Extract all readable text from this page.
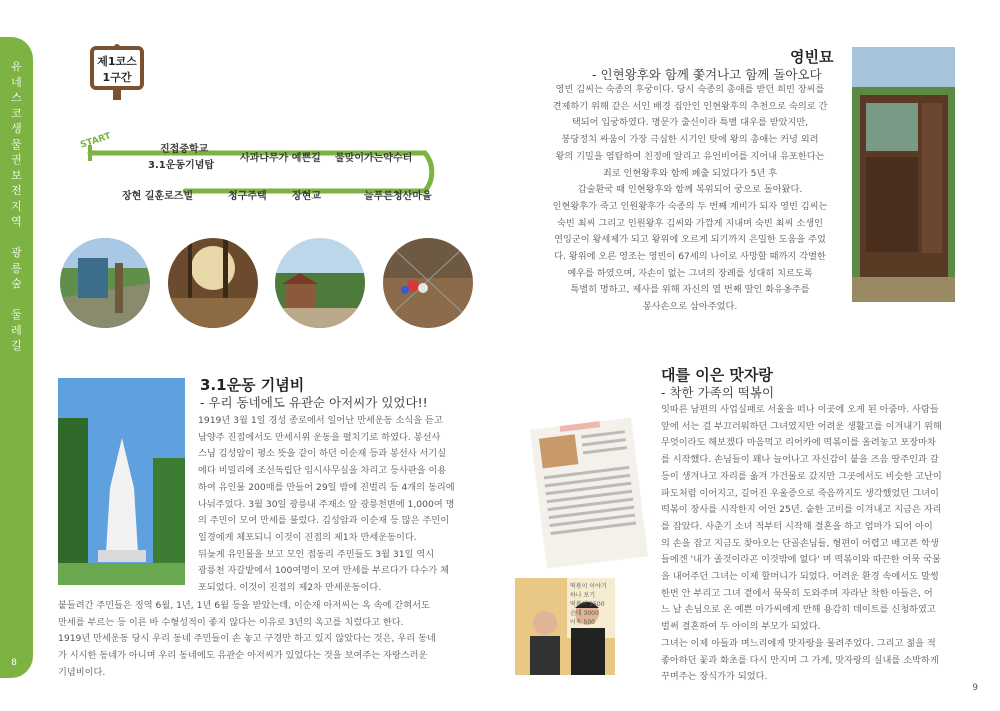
유
네
스
코
생
물
권
보
전
지
역

광
릉
숲

둘
레
길
8
9
제1코스
1구간
START	진접중학교
3.1운동기념탑
사과나무가 예쁜길 물맞이가는약수터
장현 길훈로즈빌	청구주택	장현교	늘푸른청산마을
영빈묘
- 인현왕후와 함께 쫓겨나고 함께 돌아오다
영빈 김씨는 숙종의 후궁이다. 당시 숙종의 총애를 받던 희빈 장씨를
견제하기 위해 같은 서인 배경 집안인 인현왕후의 추천으로 숙의로 간
택되어 입궁하였다. 명문가 출신이라 특별 대우를 받았지만,
붕당정치 싸움이 가장 극심한 시기인 탓에 왕의 총애는 커녕 외려
왕의 기밀을 염탐하여 친정에 알리고 유언비어를 지어내 유포한다는
죄로 인현왕후와 함께 폐출 되었다가 5년 후
갑술환국 때 인현왕후와 함께 복위되어 궁으로 돌아왔다.
인현왕후가 죽고 인원왕후가 숙종의 두 번째 계비가 되자 영빈 김씨는
숙빈 최씨 그리고 인원왕후 김씨와 가깝게 지내며 숙빈 최씨 소생인
연잉군이 왕세제가 되고 왕위에 오르게 되기까지 은밀한 도움을 주었
다. 왕위에 오른 영조는 영빈이 67세의 나이로 사망할 때까지 각별한
예우를 하였으며, 자손이 없는 그녀의 장례를 성대히 치르도록
특별히 명하고, 제사를 위해 자신의 열 번째 딸인 화유옹주를
봉사손으로 삼아주었다.
3.1운동 기념비
- 우리 동네에도 유관순 아저씨가 있었다!!
1919년 3월 1일 경성 종로에서 일어난 만세운동 소식을 듣고
남양주 진접에서도 만세시위 운동을 펼치기로 하였다. 봉선사
스님 김성암이 평소 뜻을 같이 하던 이순재 등과 봉선사 서기실
에다 비밀리에 조선독립단 임시사무실을 차리고 등사판을 이용
하여 유인물 200매를 만들어 29일 밤에 진벌리 등 4개의 동리에
나눠주었다. 3월 30일 광릉내 주재소 앞 광릉천변에 1,000여 명
의 주민이 모여 만세를 불렀다. 김성암과 이순재 등 많은 주민이
일경에게 체포되니 이것이 진접의 제1차 만세운동이다.
뒤늦게 유인물을 보고 모인 접동리 주민들도 3월 31일 역시
광릉천 자갈밭에서 100여명이 모여 만세를 부르다가 다수가 체
포되었다. 이것이 진접의 제2차 만세운동이다.
붙들려간 주민들은 징역 6월, 1년, 1년 6월 등을 받았는데, 이순재 아저씨는 옥 속에 갇혀서도
만세를 부르는 등 이른 바 수형성적이 좋지 않다는 이유로 3년의 옥고를 치렀다고 한다.
1919년 만세운동 당시 우리 동네 주민들이 손 놓고 구경만 하고 있지 않았다는 것은, 우리 동네
가 시시한 동네가 아니며 우리 동네에도 유관순 아저씨가 있었다는 것을 보여주는 자랑스러운
기념비이다.
떡볶이 이야기
하나 보기
떡볶이 2500
순대 3000
어묵 500
대를 이은 맛자랑
- 착한 가족의 떡볶이
잇따른 남편의 사업실패로 서울을 떠나 이곳에 오게 된 아줌마. 사람들
앞에 서는 걸 부끄러워하던 그녀였지만 어려운 생활고를 이겨내기 위해
무엇이라도 해보겠다 마음먹고 리어카에 떡볶이를 올려놓고 포장마차
를 시작했다. 손님들이 꽤나 늘어나고 자신감이 붙을 즈음 땅주인과 갈
등이 생겨나고 자리를 옮겨 가건물로 갔지만 그곳에서도 비슷한 고난이
파도처럼 이어지고, 길어진 우울증으로 죽음까지도 생각했었던 그녀이
떡볶이 장사를 시작한지 어언 25년. 숱한 고비를 이겨내고 지금은 자리
를 잡았다. 사춘기 소녀 적부터 시작해 결혼을 하고 엄마가 되어 아이
의 손을 잡고 지금도 찾아오는 단골손님들, 형편이 어렵고 배고픈 학생
들에겐 '내가 졸것이라곤 이것밖에 없다' 며 떡볶이와 따끈한 어묵 국물
을 내어주던 그녀는 이제 할머니가 되었다. 어려운 환경 속에서도 말썽
한번 안 부리고 그녀 곁에서 묵묵히 도와주며 자라난 착한 아들은, 어
느 날 손님으로 온 예쁜 아가씨에게 반해 용감히 데이트를 신청하였고
벌써 결혼하여 두 아이의 부모가 되었다.
그녀는 이제 아들과 며느리에게 맛자랑을 물려주었다. 그리고 젊을 적
좋아하던 꽃과 화초를 다시 만지며 그 가게, 맛자랑의 실내를 소박하게
꾸며주는 장식가가 되었다.
